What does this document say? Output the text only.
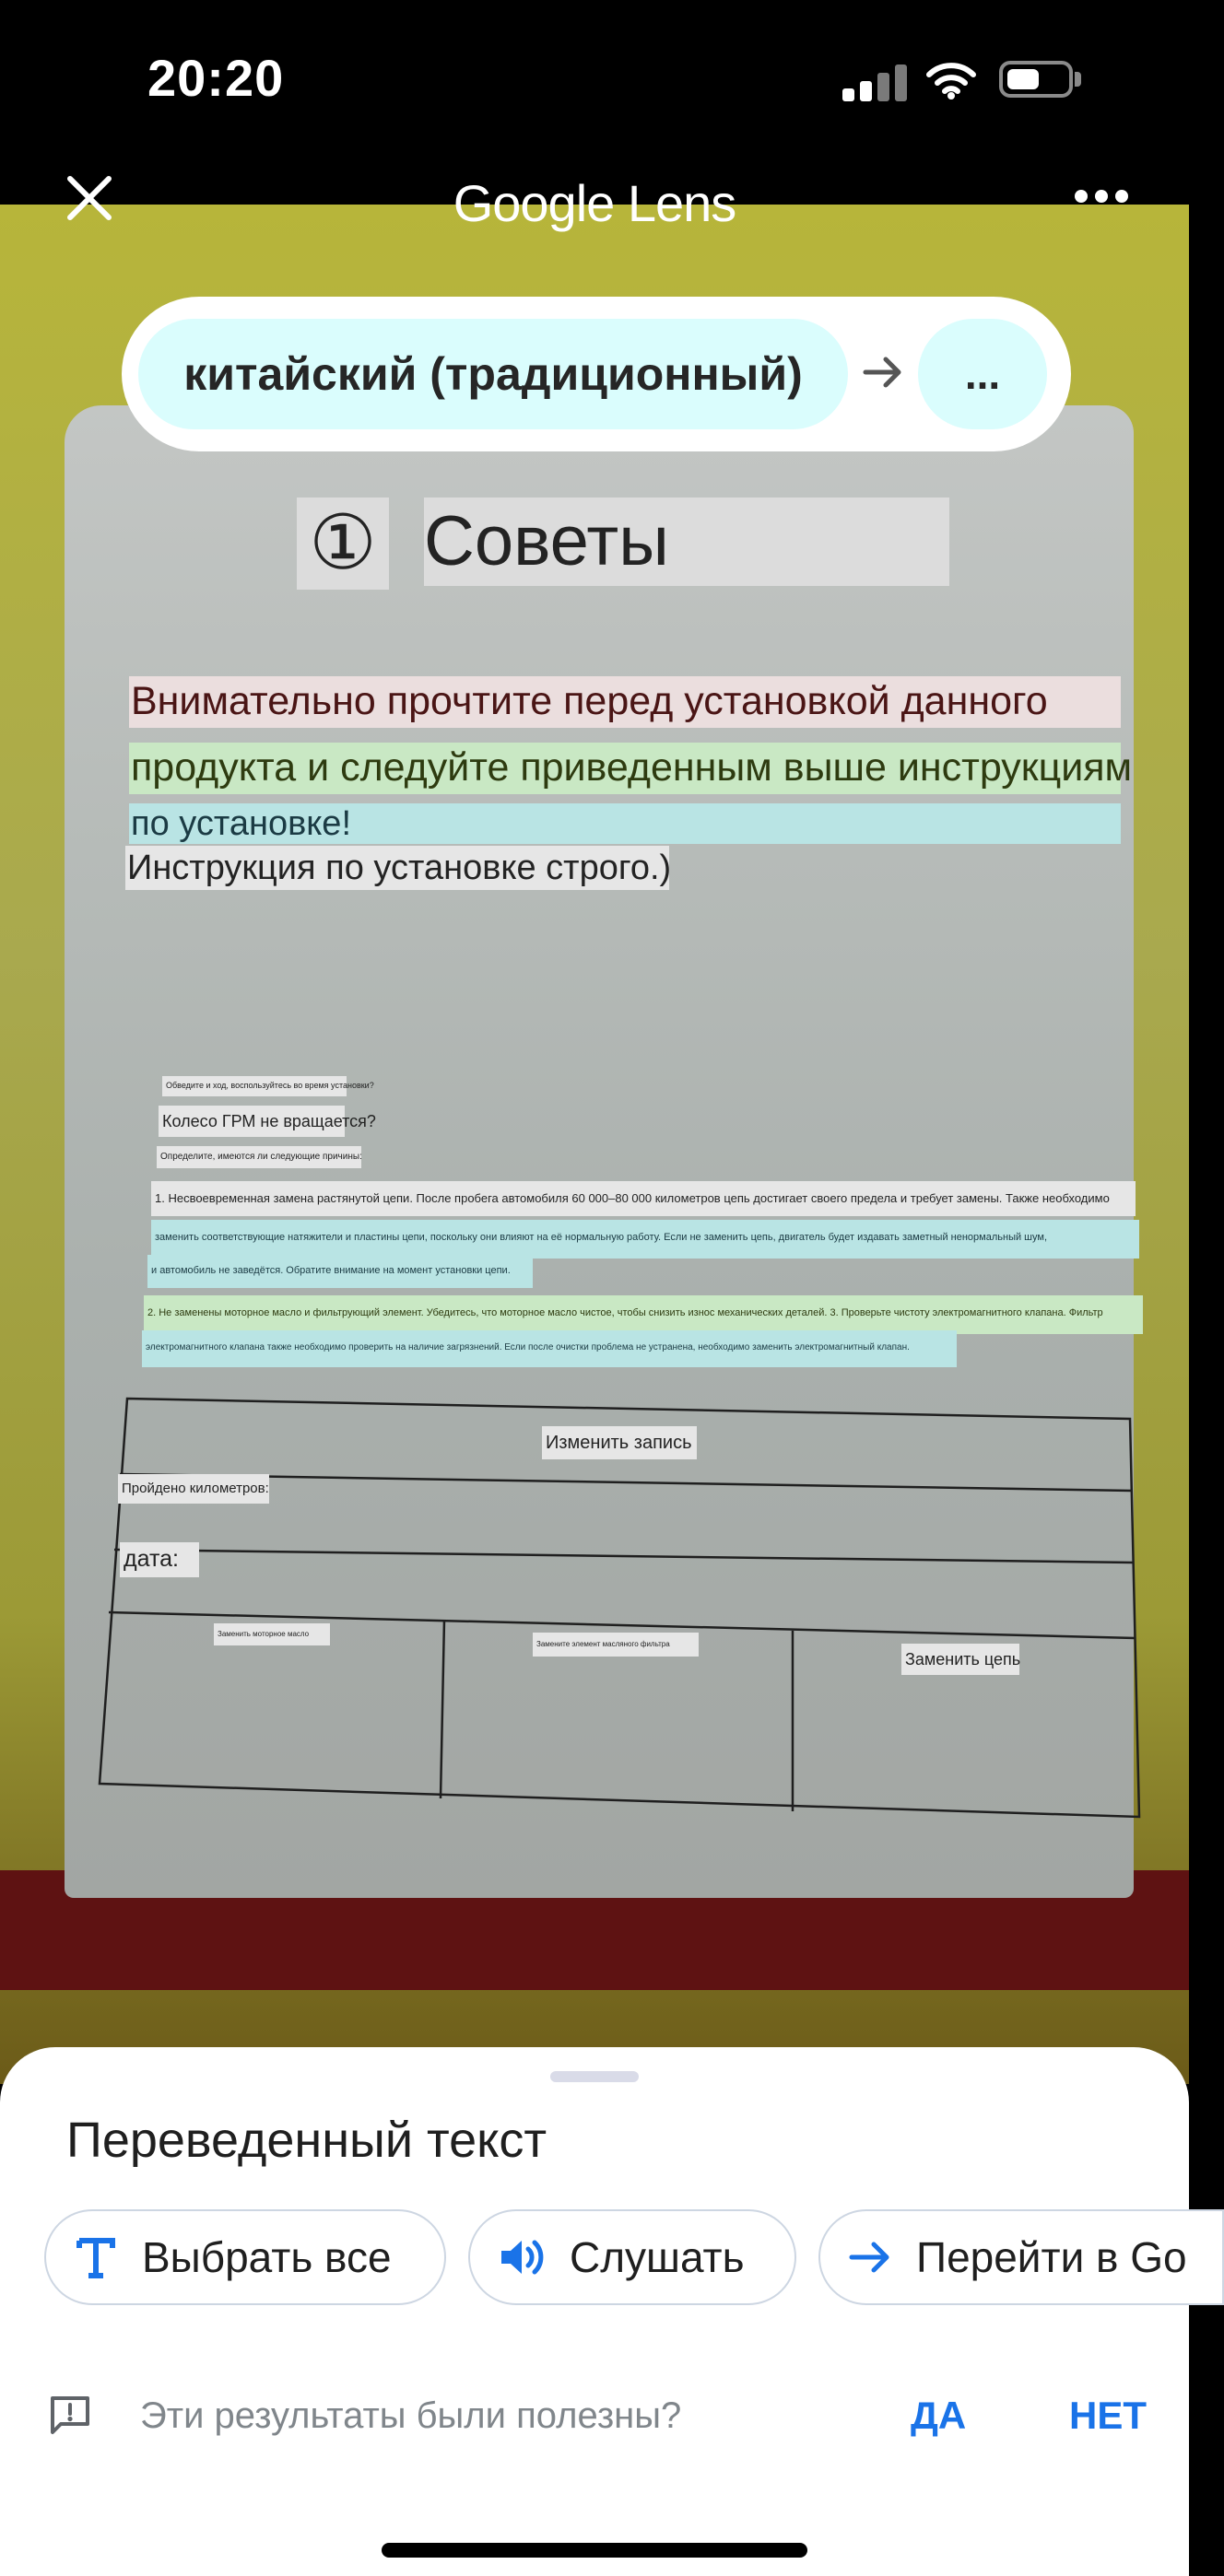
20:20
Google Lens
китайский (традиционный)	...
① Советы
Внимательно прочтите перед установкой данного
продукта и следуйте приведенным выше инструкциям
по установке!
Инструкция по установке строго.)
Обведите и ход, воспользуйтесь во время установки?
Колесо ГРМ не вращается?
Определите, имеются ли следующие причины:
1. Несвоевременная замена растянутой цепи. После пробега автомобиля 60 000–80 000 километров цепь достигает своего предела и требует замены. Также необходимо
заменить соответствующие натяжители и пластины цепи, поскольку они влияют на её нормальную работу. Если не заменить цепь, двигатель будет издавать заметный ненормальный шум,
и автомобиль не заведётся. Обратите внимание на момент установки цепи.
2. Не заменены моторное масло и фильтрующий элемент. Убедитесь, что моторное масло чистое, чтобы снизить износ механических деталей. 3. Проверьте чистоту электромагнитного клапана. Фильтр
электромагнитного клапана также необходимо проверить на наличие загрязнений. Если после очистки проблема не устранена, необходимо заменить электромагнитный клапан.
Изменить запись
Пройдено километров:
дата:
Заменить моторное масло
Замените элемент масляного фильтра
Заменить цепь
Переведенный текст
Выбрать все	Слушать	Перейти в Go
Эти результаты были полезны?	ДА	НЕТ
